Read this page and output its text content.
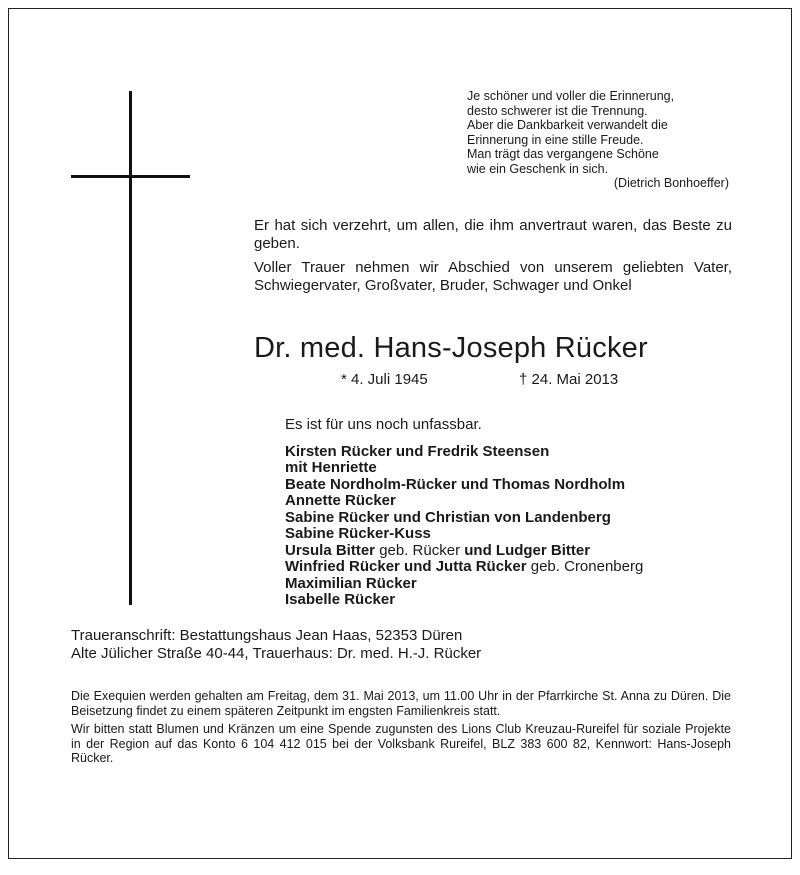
Je schöner und voller die Erinnerung,
desto schwerer ist die Trennung.
Aber die Dankbarkeit verwandelt die
Erinnerung in eine stille Freude.
Man trägt das vergangene Schöne
wie ein Geschenk in sich.
(Dietrich Bonhoeffer)

Er hat sich verzehrt, um allen, die ihm anvertraut waren, das Beste zu geben.

Voller Trauer nehmen wir Abschied von unserem geliebten Vater, Schwiegervater, Großvater, Bruder, Schwager und Onkel

Dr. med. Hans-Joseph Rücker
* 4. Juli 1945	† 24. Mai 2013

Es ist für uns noch unfassbar.

Kirsten Rücker und Fredrik Steensen
mit Henriette
Beate Nordholm-Rücker und Thomas Nordholm
Annette Rücker
Sabine Rücker und Christian von Landenberg
Sabine Rücker-Kuss
Ursula Bitter geb. Rücker und Ludger Bitter
Winfried Rücker und Jutta Rücker geb. Cronenberg
Maximilian Rücker
Isabelle Rücker
Traueranschrift: Bestattungshaus Jean Haas, 52353 Düren
Alte Jülicher Straße 40-44, Trauerhaus: Dr. med. H.-J. Rücker

Die Exequien werden gehalten am Freitag, dem 31. Mai 2013, um 11.00 Uhr in der Pfarrkirche St. Anna zu Düren. Die Beisetzung findet zu einem späteren Zeitpunkt im engsten Familienkreis statt.

Wir bitten statt Blumen und Kränzen um eine Spende zugunsten des Lions Club Kreuzau-Rureifel für soziale Projekte in der Region auf das Konto 6 104 412 015 bei der Volksbank Rureifel, BLZ 383 600 82, Kennwort: Hans-Joseph Rücker.
